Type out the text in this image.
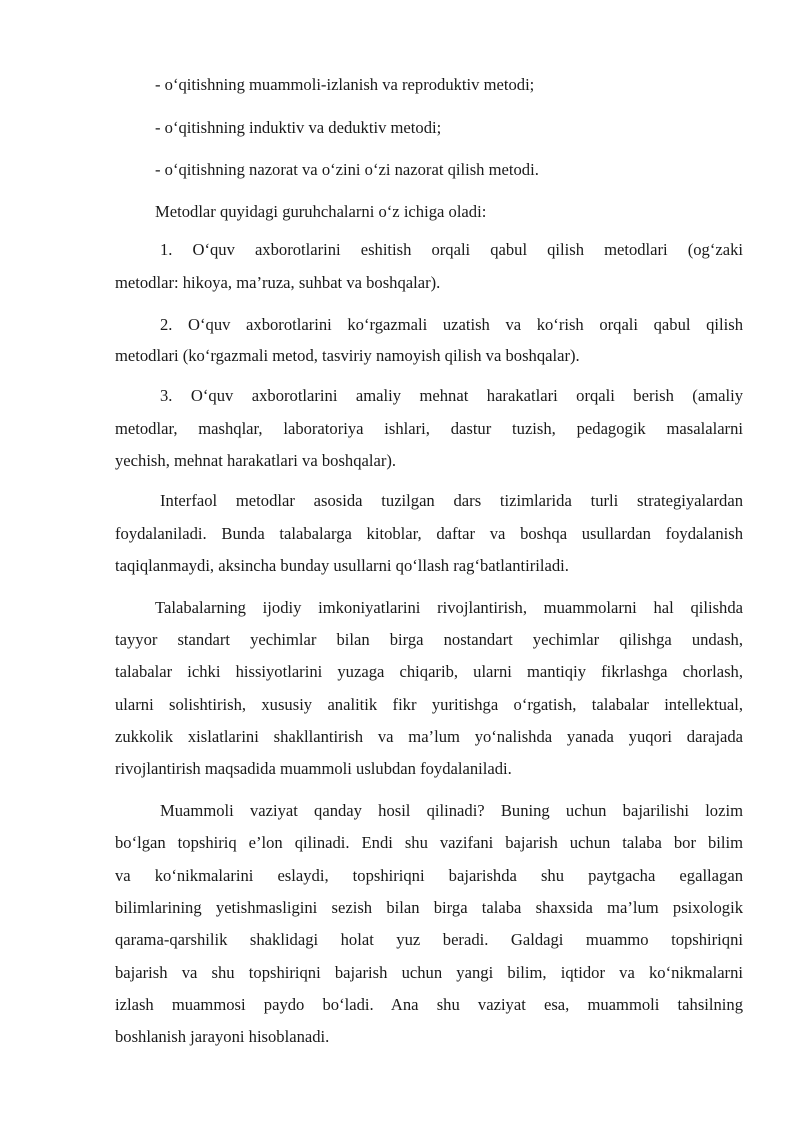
- o‘qitishning muammoli-izlanish va reproduktiv metodi;
- o‘qitishning induktiv va deduktiv metodi;
- o‘qitishning nazorat va o‘zini o‘zi nazorat qilish metodi.
Metodlar quyidagi guruhchalarni o‘z ichiga oladi:
1. O‘quv axborotlarini eshitish orqali qabul qilish metodlari (og‘zaki
metodlar: hikoya, ma’ruza, suhbat va boshqalar).
2. O‘quv axborotlarini ko‘rgazmali uzatish va ko‘rish orqali qabul qilish
metodlari (ko‘rgazmali metod, tasviriy namoyish qilish va boshqalar).
3. O‘quv axborotlarini amaliy mehnat harakatlari orqali berish (amaliy
metodlar, mashqlar, laboratoriya ishlari, dastur tuzish, pedagogik masalalarni
yechish, mehnat harakatlari va boshqalar).
Interfaol metodlar asosida tuzilgan dars tizimlarida turli strategiyalardan
foydalaniladi. Bunda talabalarga kitoblar, daftar va boshqa usullardan foydalanish
taqiqlanmaydi, aksincha bunday usullarni qo‘llash rag‘batlantiriladi.
Talabalarning ijodiy imkoniyatlarini rivojlantirish, muammolarni hal qilishda
tayyor standart yechimlar bilan birga nostandart yechimlar qilishga undash,
talabalar ichki hissiyotlarini yuzaga chiqarib, ularni mantiqiy fikrlashga chorlash,
ularni solishtirish, xususiy analitik fikr yuritishga o‘rgatish, talabalar intellektual,
zukkolik xislatlarini shakllantirish va ma’lum yo‘nalishda yanada yuqori darajada
rivojlantirish maqsadida muammoli uslubdan foydalaniladi.
Muammoli vaziyat qanday hosil qilinadi? Buning uchun bajarilishi lozim
bo‘lgan topshiriq e’lon qilinadi. Endi shu vazifani bajarish uchun talaba bor bilim
va ko‘nikmalarini eslaydi, topshiriqni bajarishda shu paytgacha egallagan
bilimlarining yetishmasligini sezish bilan birga talaba shaxsida ma’lum psixologik
qarama-qarshilik shaklidagi holat yuz beradi. Galdagi muammo topshiriqni
bajarish va shu topshiriqni bajarish uchun yangi bilim, iqtidor va ko‘nikmalarni
izlash muammosi paydo bo‘ladi. Ana shu vaziyat esa, muammoli tahsilning
boshlanish jarayoni hisoblanadi.
